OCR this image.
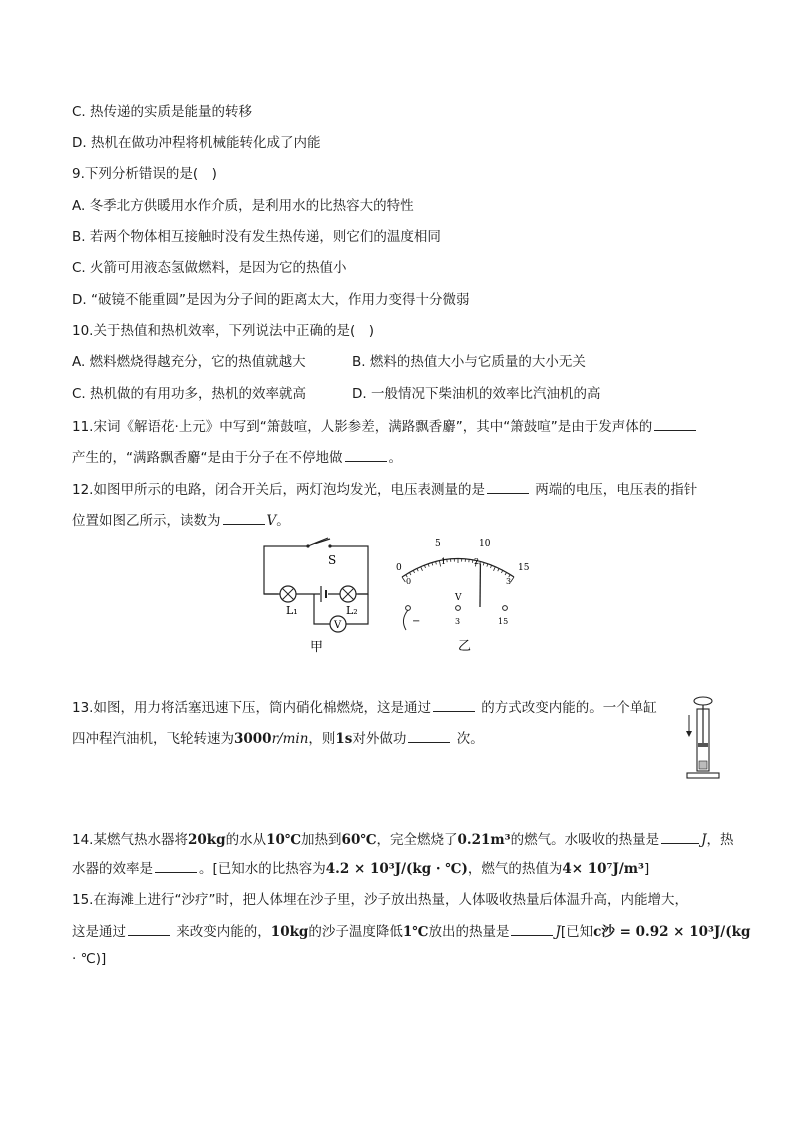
C. 热传递的实质是能量的转移
D. 热机在做功冲程将机械能转化成了内能
9.下列分析错误的是(　)
A. 冬季北方供暖用水作介质，是利用水的比热容大的特性
B. 若两个物体相互接触时没有发生热传递，则它们的温度相同
C. 火箭可用液态氢做燃料，是因为它的热值小
D. “破镜不能重圆”是因为分子间的距离太大，作用力变得十分微弱
10.关于热值和热机效率，下列说法中正确的是(　)
A. 燃料燃烧得越充分，它的热值就越大	B. 燃料的热值大小与它质量的大小无关
C. 热机做的有用功多，热机的效率就高	D. 一般情况下柴油机的效率比汽油机的高
11.宋词《解语花·上元》中写到“箫鼓喧，人影参差，满路飘香麝”，其中“箫鼓喧”是由于发声体的
产生的，“满路飘香麝“是由于分子在不停地做	。
12.如图甲所示的电路，闭合开关后，两灯泡均发光，电压表测量的是	两端的电压，电压表的指针
位置如图乙所示，读数为	V。
S
L₁	L₂
V
甲
0
5	10
15
0
1	2
3
V
−	3	15
乙
13.如图，用力将活塞迅速下压，筒内硝化棉燃烧，这是通过	的方式改变内能的。一个单缸
四冲程汽油机，飞轮转速为3000r/min，则1s对外做功	次。
14.某燃气热水器将20kg的水从10℃加热到60℃，完全燃烧了0.21m³的燃气。水吸收的热量是	J，热
水器的效率是	。[已知水的比热容为4.2 × 10³J/(kg · ℃)，燃气的热值为4× 10⁷J/m³]
15.在海滩上进行“沙疗”时，把人体埋在沙子里，沙子放出热量，人体吸收热量后体温升高，内能增大，
这是通过	来改变内能的，10kg的沙子温度降低1℃放出的热量是	J[已知c沙 = 0.92 × 10³J/(kg
· ℃)]
